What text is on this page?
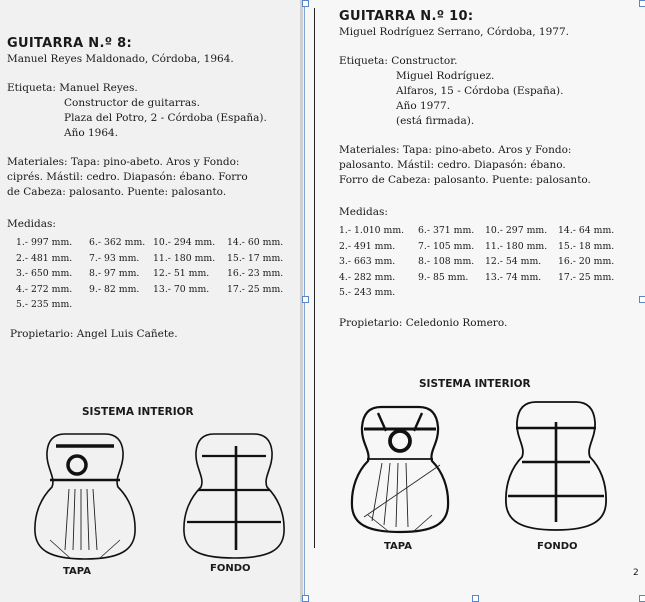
GUITARRA N.º 8:
Manuel Reyes Maldonado, Córdoba, 1964.
Etiqueta: Manuel Reyes.
Constructor de guitarras.
Plaza del Potro, 2 - Córdoba (España).
Año 1964.
Materiales: Tapa: pino-abeto. Aros y Fondo:
ciprés. Mástil: cedro. Diapasón: ébano. Forro
de Cabeza: palosanto. Puente: palosanto.
Medidas:
1.- 997 mm. 6.- 362 mm. 10.- 294 mm. 14.- 60 mm.
2.- 481 mm. 7.- 93 mm. 11.- 180 mm. 15.- 17 mm.
3.- 650 mm. 8.- 97 mm. 12.- 51 mm. 16.- 23 mm.
4.- 272 mm. 9.- 82 mm. 13.- 70 mm. 17.- 25 mm.
5.- 235 mm.
Propietario: Angel Luis Cañete.
SISTEMA INTERIOR
TAPA	FONDO
GUITARRA N.º 10:
Miguel Rodríguez Serrano, Córdoba, 1977.
Etiqueta: Constructor.
Miguel Rodríguez.
Alfaros, 15 - Córdoba (España).
Año 1977.
(está firmada).
Materiales: Tapa: pino-abeto. Aros y Fondo:
palosanto. Mástil: cedro. Diapasón: ébano.
Forro de Cabeza: palosanto. Puente: palosanto.
Medidas:
1.- 1.010 mm. 6.- 371 mm. 10.- 297 mm. 14.- 64 mm.
2.- 491 mm. 7.- 105 mm. 11.- 180 mm. 15.- 18 mm.
3.- 663 mm. 8.- 108 mm. 12.- 54 mm. 16.- 20 mm.
4.- 282 mm. 9.- 85 mm. 13.- 74 mm. 17.- 25 mm.
5.- 243 mm.
Propietario: Celedonio Romero.
SISTEMA INTERIOR
TAPA	FONDO
2
